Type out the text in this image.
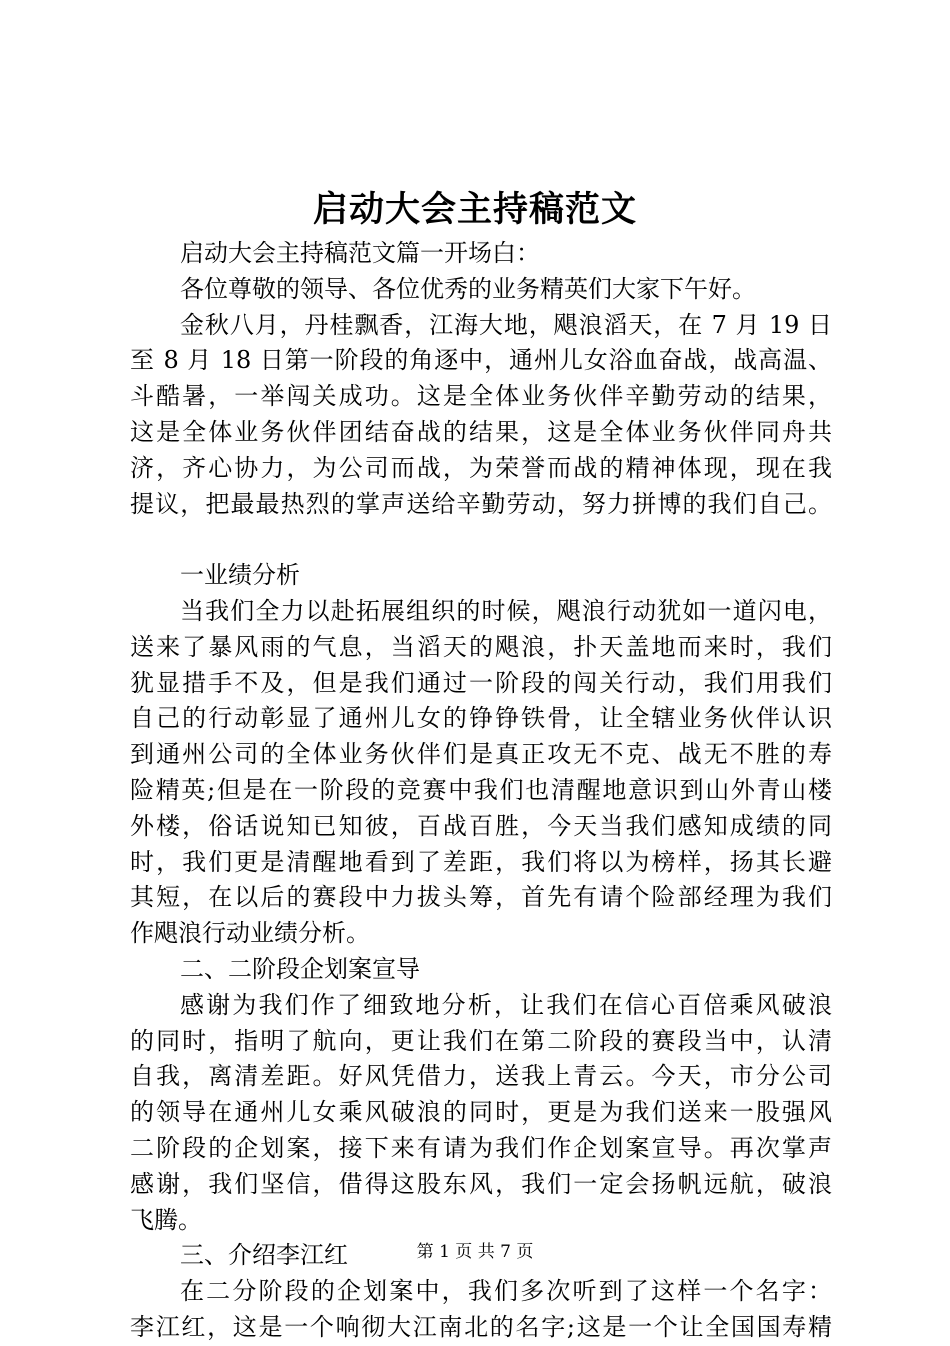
启动大会主持稿范文
启动大会主持稿范文篇一开场白：
各位尊敬的领导、各位优秀的业务精英们大家下午好。
金秋八月，丹桂飘香，江海大地，飓浪滔天，在 7 月 19 日
至 8 月 18 日第一阶段的角逐中，通州儿女浴血奋战，战高温、
斗酷暑，一举闯关成功。这是全体业务伙伴辛勤劳动的结果，
这是全体业务伙伴团结奋战的结果，这是全体业务伙伴同舟共
济，齐心协力，为公司而战，为荣誉而战的精神体现，现在我
提议，把最最热烈的掌声送给辛勤劳动，努力拼博的我们自己。
一业绩分析
当我们全力以赴拓展组织的时候，飓浪行动犹如一道闪电，
送来了暴风雨的气息，当滔天的飓浪，扑天盖地而来时，我们
犹显措手不及，但是我们通过一阶段的闯关行动，我们用我们
自己的行动彰显了通州儿女的铮铮铁骨，让全辖业务伙伴认识
到通州公司的全体业务伙伴们是真正攻无不克、战无不胜的寿
险精英;但是在一阶段的竞赛中我们也清醒地意识到山外青山楼
外楼，俗话说知已知彼，百战百胜，今天当我们感知成绩的同
时，我们更是清醒地看到了差距，我们将以为榜样，扬其长避
其短，在以后的赛段中力拔头筹，首先有请个险部经理为我们
作飓浪行动业绩分析。
二、二阶段企划案宣导
感谢为我们作了细致地分析，让我们在信心百倍乘风破浪
的同时，指明了航向，更让我们在第二阶段的赛段当中，认清
自我，离清差距。好风凭借力，送我上青云。今天，市分公司
的领导在通州儿女乘风破浪的同时，更是为我们送来一股强风
二阶段的企划案，接下来有请为我们作企划案宣导。再次掌声
感谢，我们坚信，借得这股东风，我们一定会扬帆远航，破浪
飞腾。
三、介绍李江红
在二分阶段的企划案中，我们多次听到了这样一个名字：
李江红，这是一个响彻大江南北的名字;这是一个让全国国寿精
第 1 页 共 7 页
